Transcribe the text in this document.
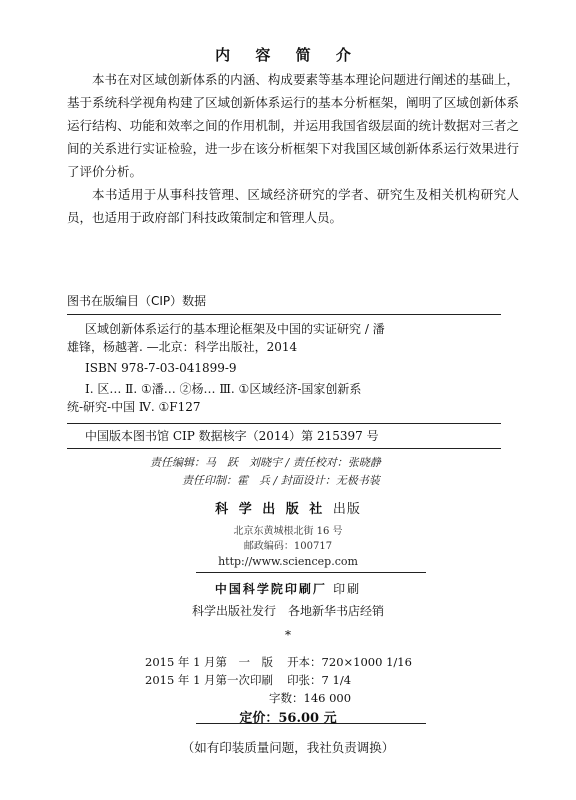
内 容 简 介

本书在对区域创新体系的内涵、构成要素等基本理论问题进行阐述的基础上，基于系统科学视角构建了区域创新体系运行的基本分析框架，阐明了区域创新体系运行结构、功能和效率之间的作用机制，并运用我国省级层面的统计数据对三者之间的关系进行实证检验，进一步在该分析框架下对我国区域创新体系运行效果进行了评价分析。

本书适用于从事科技管理、区域经济研究的学者、研究生及相关机构研究人员，也适用于政府部门科技政策制定和管理人员。

图书在版编目（CIP）数据
区域创新体系运行的基本理论框架及中国的实证研究 / 潘
雄锋，杨越著. —北京：科学出版社，2014
ISBN 978-7-03-041899-9
Ⅰ. 区… Ⅱ. ①潘… ②杨… Ⅲ. ①区域经济-国家创新系
统-研究-中国 Ⅳ. ①F127
中国版本图书馆 CIP 数据核字（2014）第 215397 号
责任编辑：马　跃　刘晓宇 / 责任校对：张晓静
责任印制：霍　兵 / 封面设计：无极书装
科 学 出 版 社 出版
北京东黄城根北街 16 号
邮政编码：100717
http://www.sciencep.com
中国科学院印刷厂 印刷
科学出版社发行　各地新华书店经销
*
2015 年 1 月第　一　版 开本：720×1000 1/16
2015 年 1 月第一次印刷 印张：7 1/4
字数：146 000
定价：56.00 元
（如有印装质量问题，我社负责调换）
